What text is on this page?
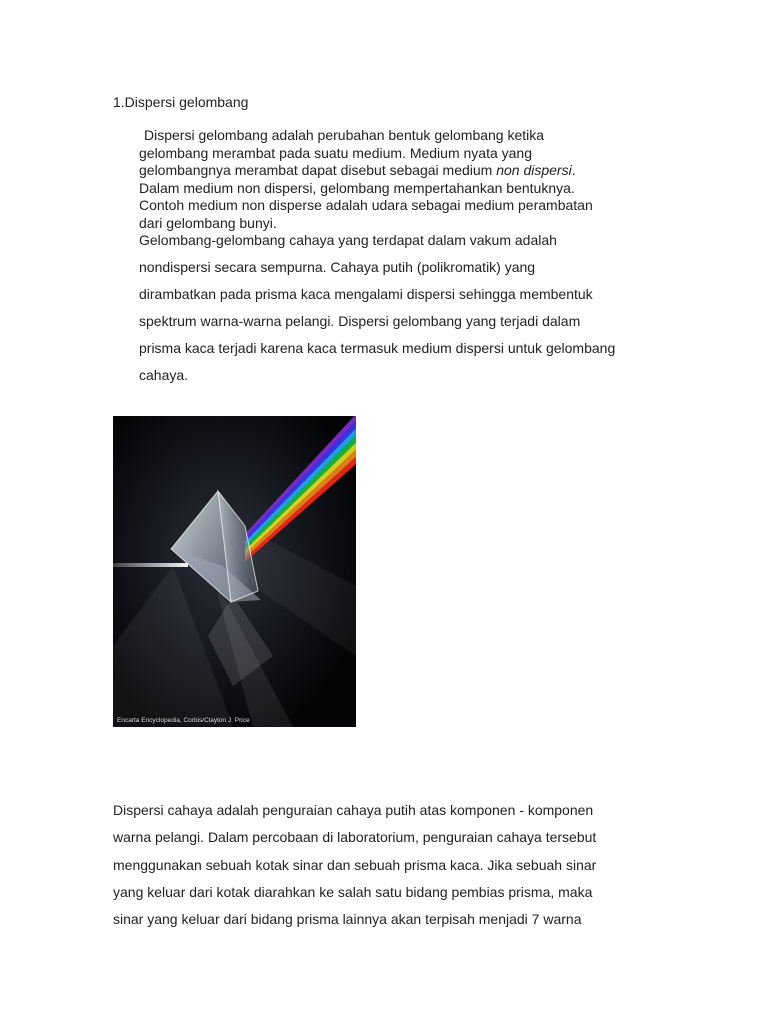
1.Dispersi gelombang
Dispersi gelombang adalah perubahan bentuk gelombang ketika
gelombang merambat pada suatu medium. Medium nyata yang
gelombangnya merambat dapat disebut sebagai medium non dispersi.
Dalam medium non dispersi, gelombang mempertahankan bentuknya.
Contoh medium non disperse adalah udara sebagai medium perambatan
dari gelombang bunyi.
Gelombang-gelombang cahaya yang terdapat dalam vakum adalah
nondispersi secara sempurna. Cahaya putih (polikromatik) yang
dirambatkan pada prisma kaca mengalami dispersi sehingga membentuk
spektrum warna-warna pelangi. Dispersi gelombang yang terjadi dalam
prisma kaca terjadi karena kaca termasuk medium dispersi untuk gelombang
cahaya.
Encarta Encyclopedia, Corbis/Clayton J. Price
Dispersi cahaya adalah penguraian cahaya putih atas komponen - komponen
warna pelangi. Dalam percobaan di laboratorium, penguraian cahaya tersebut
menggunakan sebuah kotak sinar dan sebuah prisma kaca. Jika sebuah sinar
yang keluar dari kotak diarahkan ke salah satu bidang pembias prisma, maka
sinar yang keluar dari bidang prisma lainnya akan terpisah menjadi 7 warna
